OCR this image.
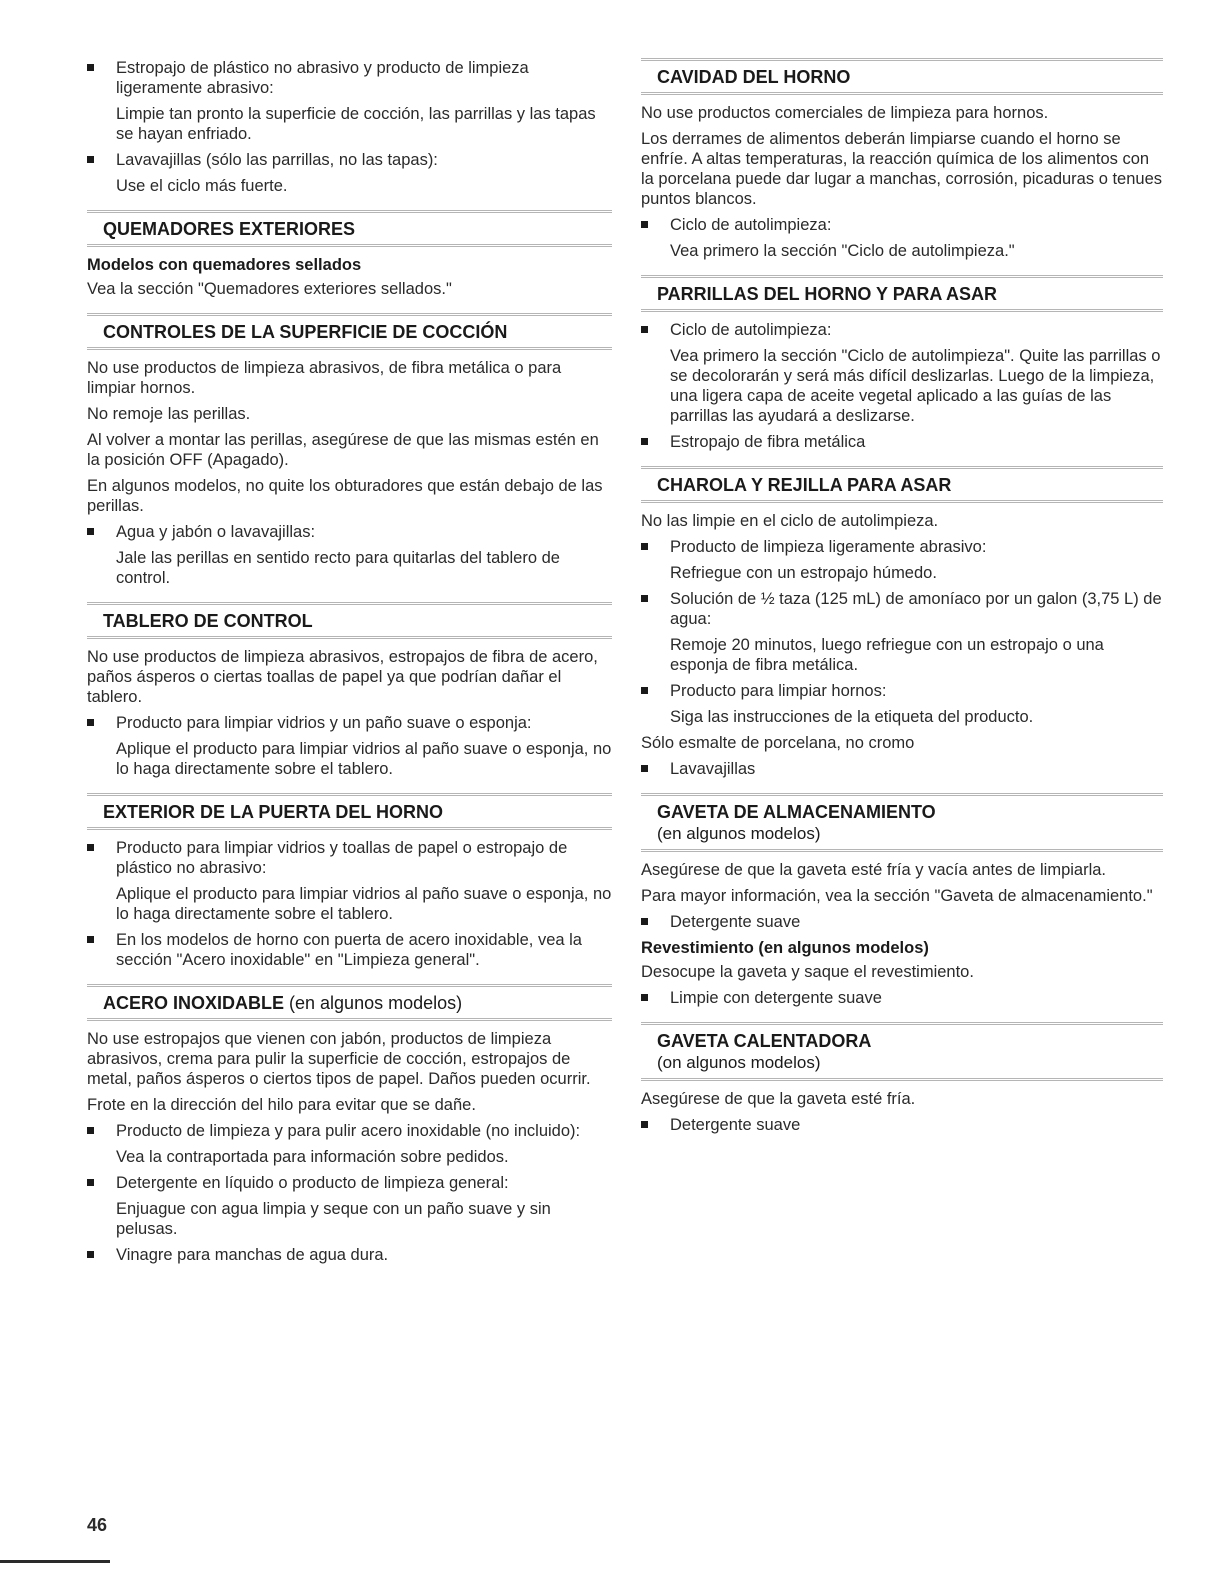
Estropajo de plástico no abrasivo y producto de limpieza ligeramente abrasivo:
Limpie tan pronto la superficie de cocción, las parrillas y las tapas se hayan enfriado.
Lavavajillas (sólo las parrillas, no las tapas):
Use el ciclo más fuerte.
QUEMADORES EXTERIORES
Modelos con quemadores sellados
Vea la sección "Quemadores exteriores sellados."
CONTROLES DE LA SUPERFICIE DE COCCIÓN
No use productos de limpieza abrasivos, de fibra metálica o para limpiar hornos.
No remoje las perillas.
Al volver a montar las perillas, asegúrese de que las mismas estén en la posición OFF (Apagado).
En algunos modelos, no quite los obturadores que están debajo de las perillas.
Agua y jabón o lavavajillas:
Jale las perillas en sentido recto para quitarlas del tablero de control.
TABLERO DE CONTROL
No use productos de limpieza abrasivos, estropajos de fibra de acero, paños ásperos o ciertas toallas de papel ya que podrían dañar el tablero.
Producto para limpiar vidrios y un paño suave o esponja:
Aplique el producto para limpiar vidrios al paño suave o esponja, no lo haga directamente sobre el tablero.
EXTERIOR DE LA PUERTA DEL HORNO
Producto para limpiar vidrios y toallas de papel o estropajo de plástico no abrasivo:
Aplique el producto para limpiar vidrios al paño suave o esponja, no lo haga directamente sobre el tablero.
En los modelos de horno con puerta de acero inoxidable, vea la sección "Acero inoxidable" en "Limpieza general".
ACERO INOXIDABLE (en algunos modelos)
No use estropajos que vienen con jabón, productos de limpieza abrasivos, crema para pulir la superficie de cocción, estropajos de metal, paños ásperos o ciertos tipos de papel. Daños pueden ocurrir.
Frote en la dirección del hilo para evitar que se dañe.
Producto de limpieza y para pulir acero inoxidable (no incluido):
Vea la contraportada para información sobre pedidos.
Detergente en líquido o producto de limpieza general:
Enjuague con agua limpia y seque con un paño suave y sin pelusas.
Vinagre para manchas de agua dura.
CAVIDAD DEL HORNO
No use productos comerciales de limpieza para hornos.
Los derrames de alimentos deberán limpiarse cuando el horno se enfríe. A altas temperaturas, la reacción química de los alimentos con la porcelana puede dar lugar a manchas, corrosión, picaduras o tenues puntos blancos.
Ciclo de autolimpieza:
Vea primero la sección "Ciclo de autolimpieza."
PARRILLAS DEL HORNO Y PARA ASAR
Ciclo de autolimpieza:
Vea primero la sección "Ciclo de autolimpieza". Quite las parrillas o se decolorarán y será más difícil deslizarlas. Luego de la limpieza, una ligera capa de aceite vegetal aplicado a las guías de las parrillas las ayudará a deslizarse.
Estropajo de fibra metálica
CHAROLA Y REJILLA PARA ASAR
No las limpie en el ciclo de autolimpieza.
Producto de limpieza ligeramente abrasivo:
Refriegue con un estropajo húmedo.
Solución de ½ taza (125 mL) de amoníaco por un galon (3,75 L) de agua:
Remoje 20 minutos, luego refriegue con un estropajo o una esponja de fibra metálica.
Producto para limpiar hornos:
Siga las instrucciones de la etiqueta del producto.
Sólo esmalte de porcelana, no cromo
Lavavajillas
GAVETA DE ALMACENAMIENTO
(en algunos modelos)
Asegúrese de que la gaveta esté fría y vacía antes de limpiarla.
Para mayor información, vea la sección "Gaveta de almacenamiento."
Detergente suave
Revestimiento (en algunos modelos)
Desocupe la gaveta y saque el revestimiento.
Limpie con detergente suave
GAVETA CALENTADORA
(on algunos modelos)
Asegúrese de que la gaveta esté fría.
Detergente suave
46
